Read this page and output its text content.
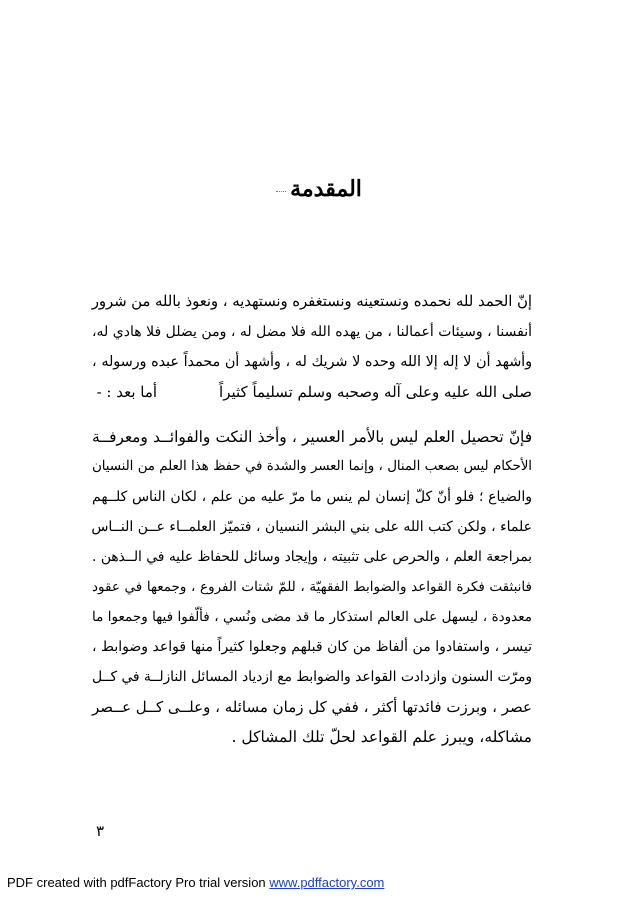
المقدمة
إنّ الحمد لله نحمده ونستعينه ونستغفره ونستهديه ، ونعوذ بالله من شرور
أنفسنا ، وسيئات أعمالنا ، من يهده الله فلا مضل له ، ومن يضلل فلا هادي له،
وأشهد أن لا إله إلا الله وحده لا شريك له ، وأشهد أن محمداً عبده ورسوله ،
صلى الله عليه وعلى آله وصحبه وسلم تسليماً كثيراًأما بعد : -
فإنّ تحصيل العلم ليس بالأمر العسير ، وأخذ النكت والفوائــد ومعرفــة
الأحكام ليس بصعب المنال ، وإنما العسر والشدة في حفظ هذا العلم من النسيان
والضياع ؛ فلو أنّ كلّ إنسان لم ينس ما مرّ عليه من علم ، لكان الناس كلــهم
علماء ، ولكن كتب الله على بني البشر النسيان ، فتميّز العلمــاء عــن النــاس
بمراجعة العلم ، والحرص على تثبيته ، وإيجاد وسائل للحفاظ عليه في الــذهن .
فانبثقت فكرة القواعد والضوابط الفقهيّة ، للمّ شتات الفروع ، وجمعها في عقود
معدودة ، ليسهل على العالم استذكار ما قد مضى ونُسي ، فألّفوا فيها وجمعوا ما
تيسر ، واستفادوا من ألفاظ من كان قبلهم وجعلوا كثيراً منها قواعد وضوابط ،
ومرّت السنون وازدادت القواعد والضوابط مع ازدياد المسائل النازلــة في كــل
عصر ، وبرزت فائدتها أكثر ، ففي كل زمان مسائله ، وعلــى كــل عــصر
مشاكله، ويبرز علم القواعد لحلّ تلك المشاكل .
٣
PDF created with pdfFactory Pro trial version www.pdffactory.com
